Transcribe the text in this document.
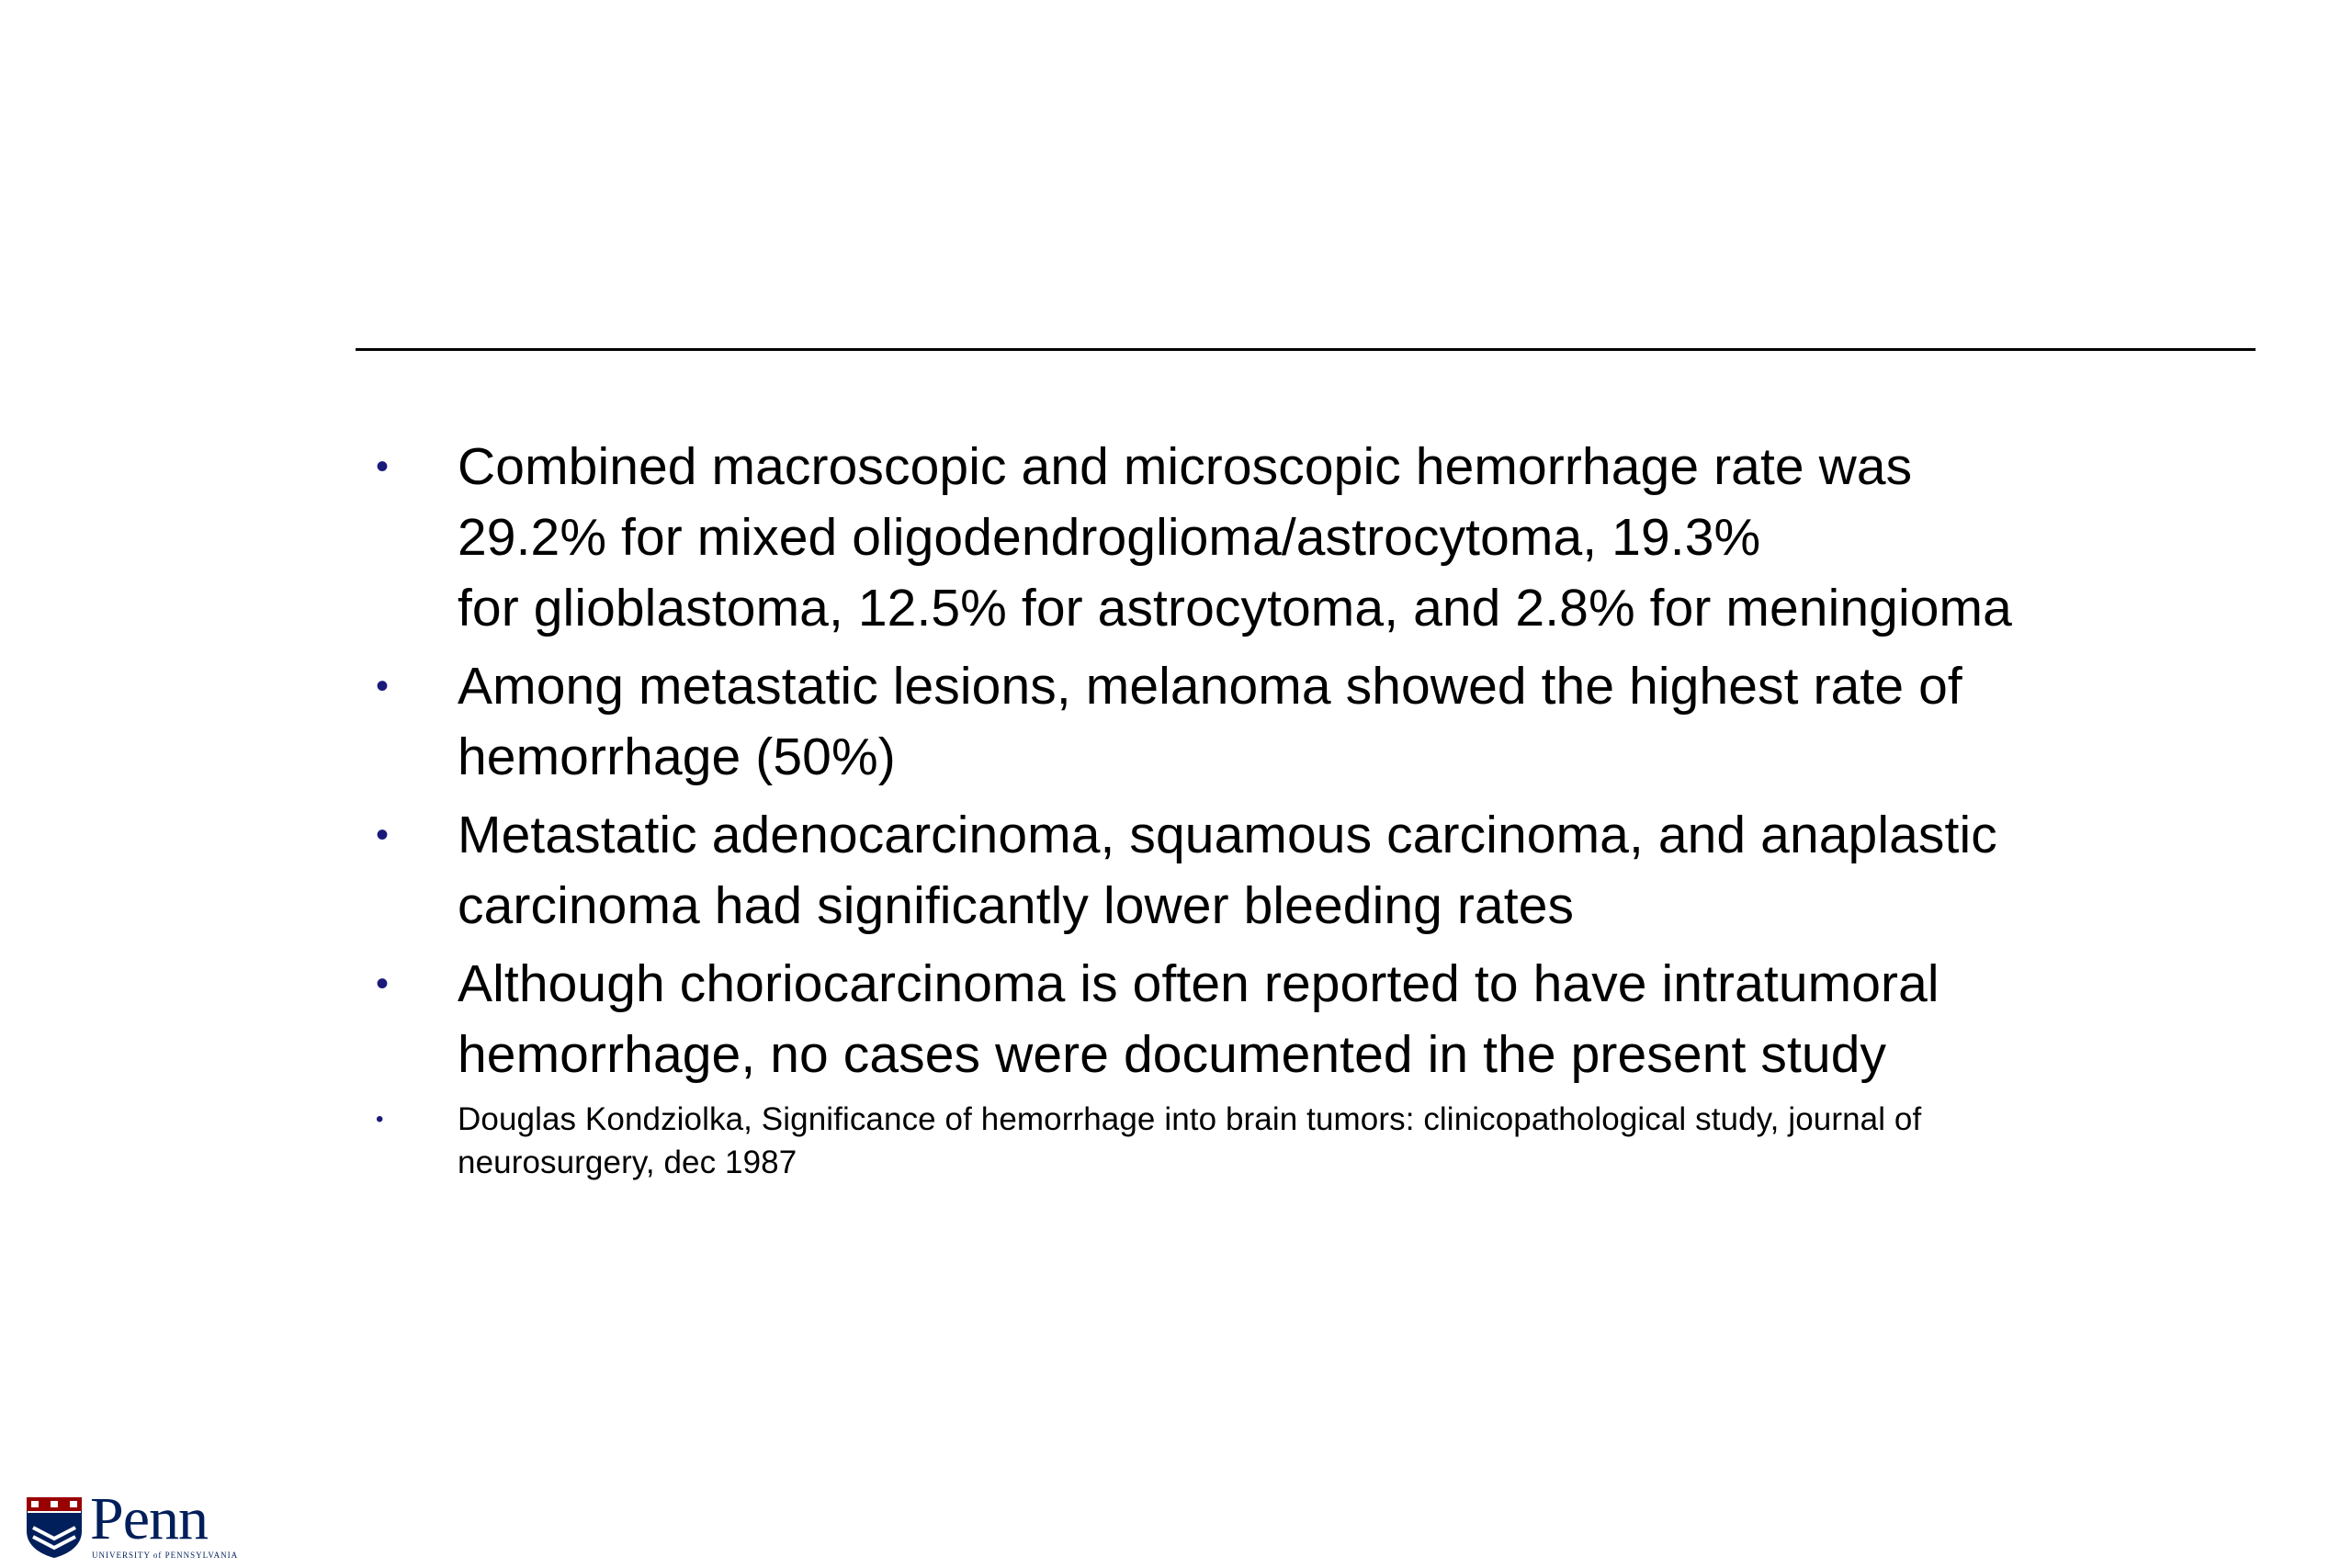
• Combined macroscopic and microscopic hemorrhage rate was
29.2% for mixed oligodendroglioma/astrocytoma, 19.3%
for glioblastoma, 12.5% for astrocytoma, and 2.8% for meningioma
• Among metastatic lesions, melanoma showed the highest rate of
hemorrhage (50%)
• Metastatic adenocarcinoma, squamous carcinoma, and anaplastic
carcinoma had significantly lower bleeding rates
• Although choriocarcinoma is often reported to have intratumoral
hemorrhage, no cases were documented in the present study
• Douglas Kondziolka, Significance of hemorrhage into brain tumors: clinicopathological study, journal of
neurosurgery, dec 1987
Penn
UNIVERSITY of PENNSYLVANIA
